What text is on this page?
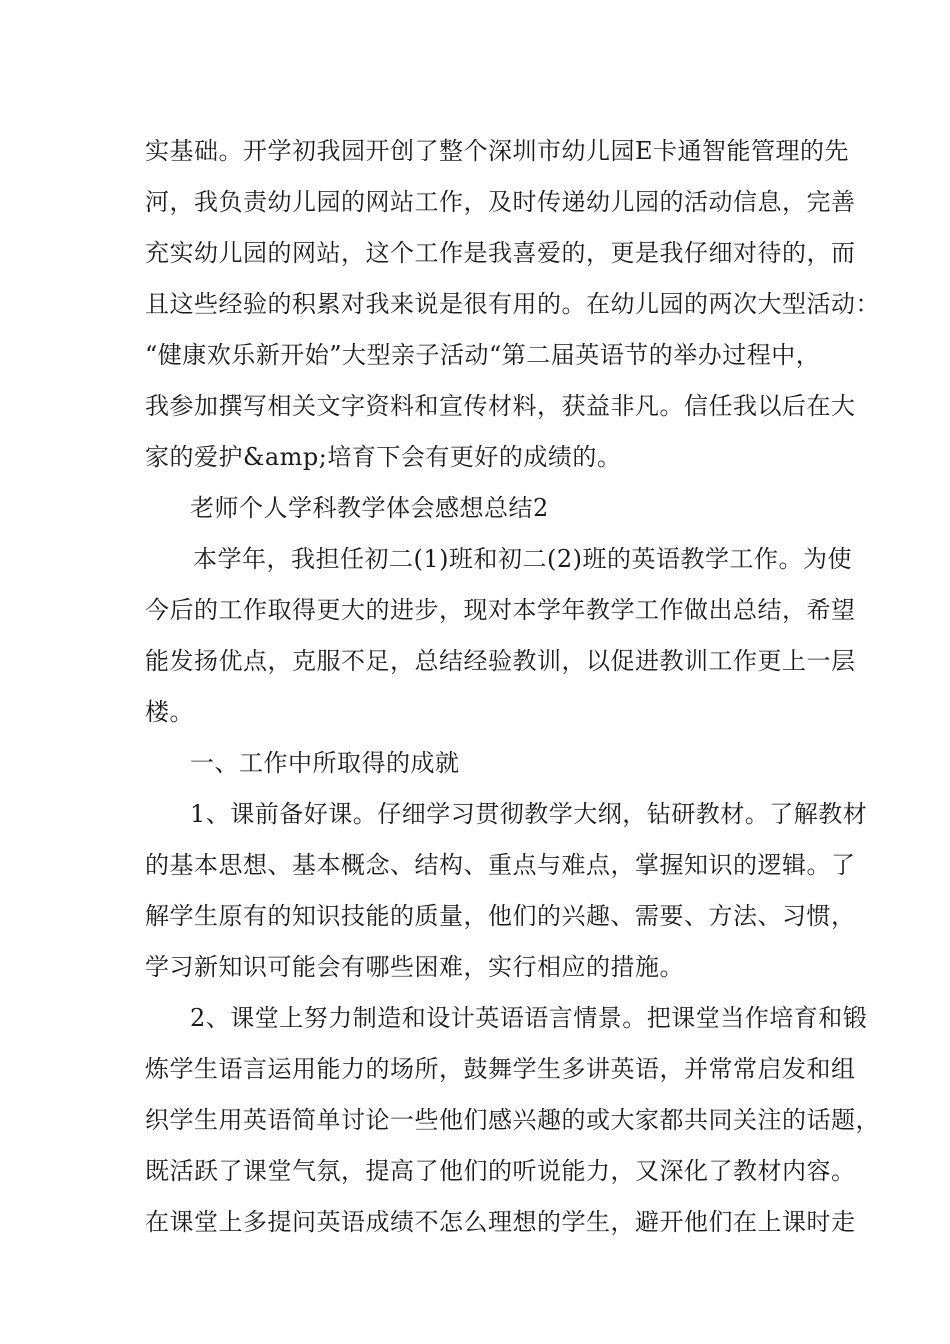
实基础。开学初我园开创了整个深圳市幼儿园E卡通智能管理的先
河，我负责幼儿园的网站工作，及时传递幼儿园的活动信息，完善
充实幼儿园的网站，这个工作是我喜爱的，更是我仔细对待的，而
且这些经验的积累对我来说是很有用的。在幼儿园的两次大型活动：
“健康欢乐新开始”大型亲子活动“第二届英语节的举办过程中，
我参加撰写相关文字资料和宣传材料，获益非凡。信任我以后在大
家的爱护&amp;培育下会有更好的成绩的。
老师个人学科教学体会感想总结2
本学年，我担任初二(1)班和初二(2)班的英语教学工作。为使
今后的工作取得更大的进步，现对本学年教学工作做出总结，希望
能发扬优点，克服不足，总结经验教训，以促进教训工作更上一层
楼。
一、工作中所取得的成就
1、课前备好课。仔细学习贯彻教学大纲，钻研教材。了解教材
的基本思想、基本概念、结构、重点与难点，掌握知识的逻辑。了
解学生原有的知识技能的质量，他们的兴趣、需要、方法、习惯，
学习新知识可能会有哪些困难，实行相应的措施。
2、课堂上努力制造和设计英语语言情景。把课堂当作培育和锻
炼学生语言运用能力的场所，鼓舞学生多讲英语，并常常启发和组
织学生用英语简单讨论一些他们感兴趣的或大家都共同关注的话题，
既活跃了课堂气氛，提高了他们的听说能力，又深化了教材内容。
在课堂上多提问英语成绩不怎么理想的学生，避开他们在上课时走
